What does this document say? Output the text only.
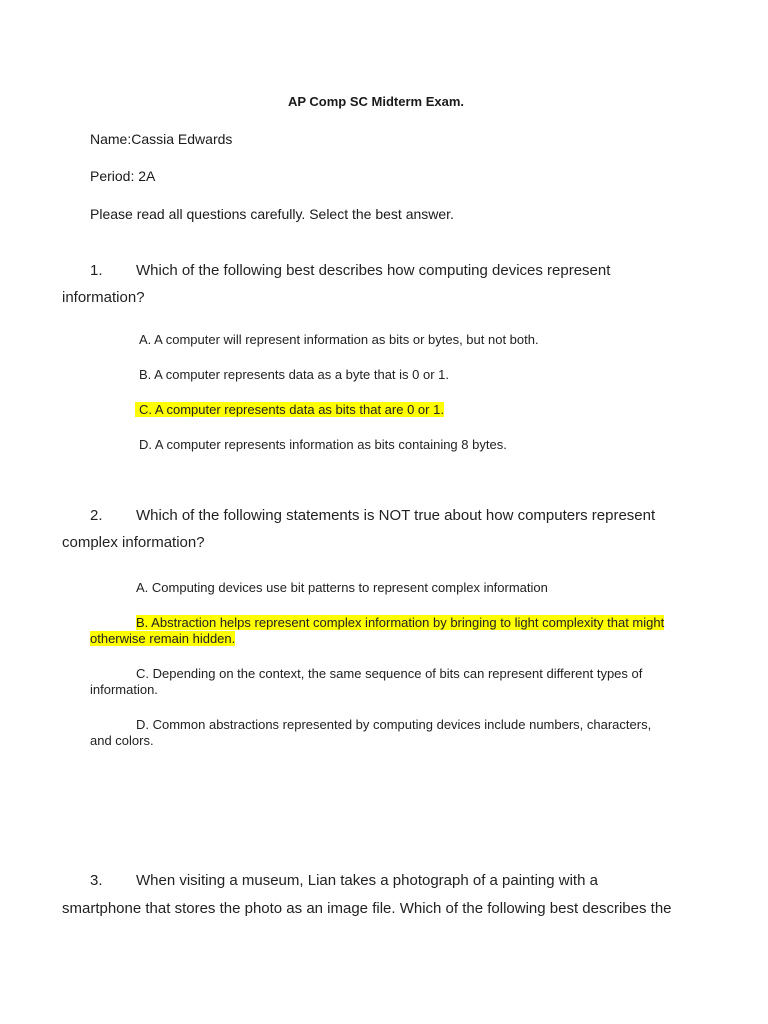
AP Comp SC Midterm Exam.
Name:Cassia Edwards
Period: 2A
Please read all questions carefully. Select the best answer.
1. Which of the following best describes how computing devices represent
information?
A. A computer will represent information as bits or bytes, but not both.
B. A computer represents data as a byte that is 0 or 1.
C. A computer represents data as bits that are 0 or 1.
D. A computer represents information as bits containing 8 bytes.
2. Which of the following statements is NOT true about how computers represent
complex information?
A. Computing devices use bit patterns to represent complex information
B. Abstraction helps represent complex information by bringing to light complexity that might
otherwise remain hidden.
C. Depending on the context, the same sequence of bits can represent different types of
information.
D. Common abstractions represented by computing devices include numbers, characters,
and colors.
3. When visiting a museum, Lian takes a photograph of a painting with a
smartphone that stores the photo as an image file. Which of the following best describes the
